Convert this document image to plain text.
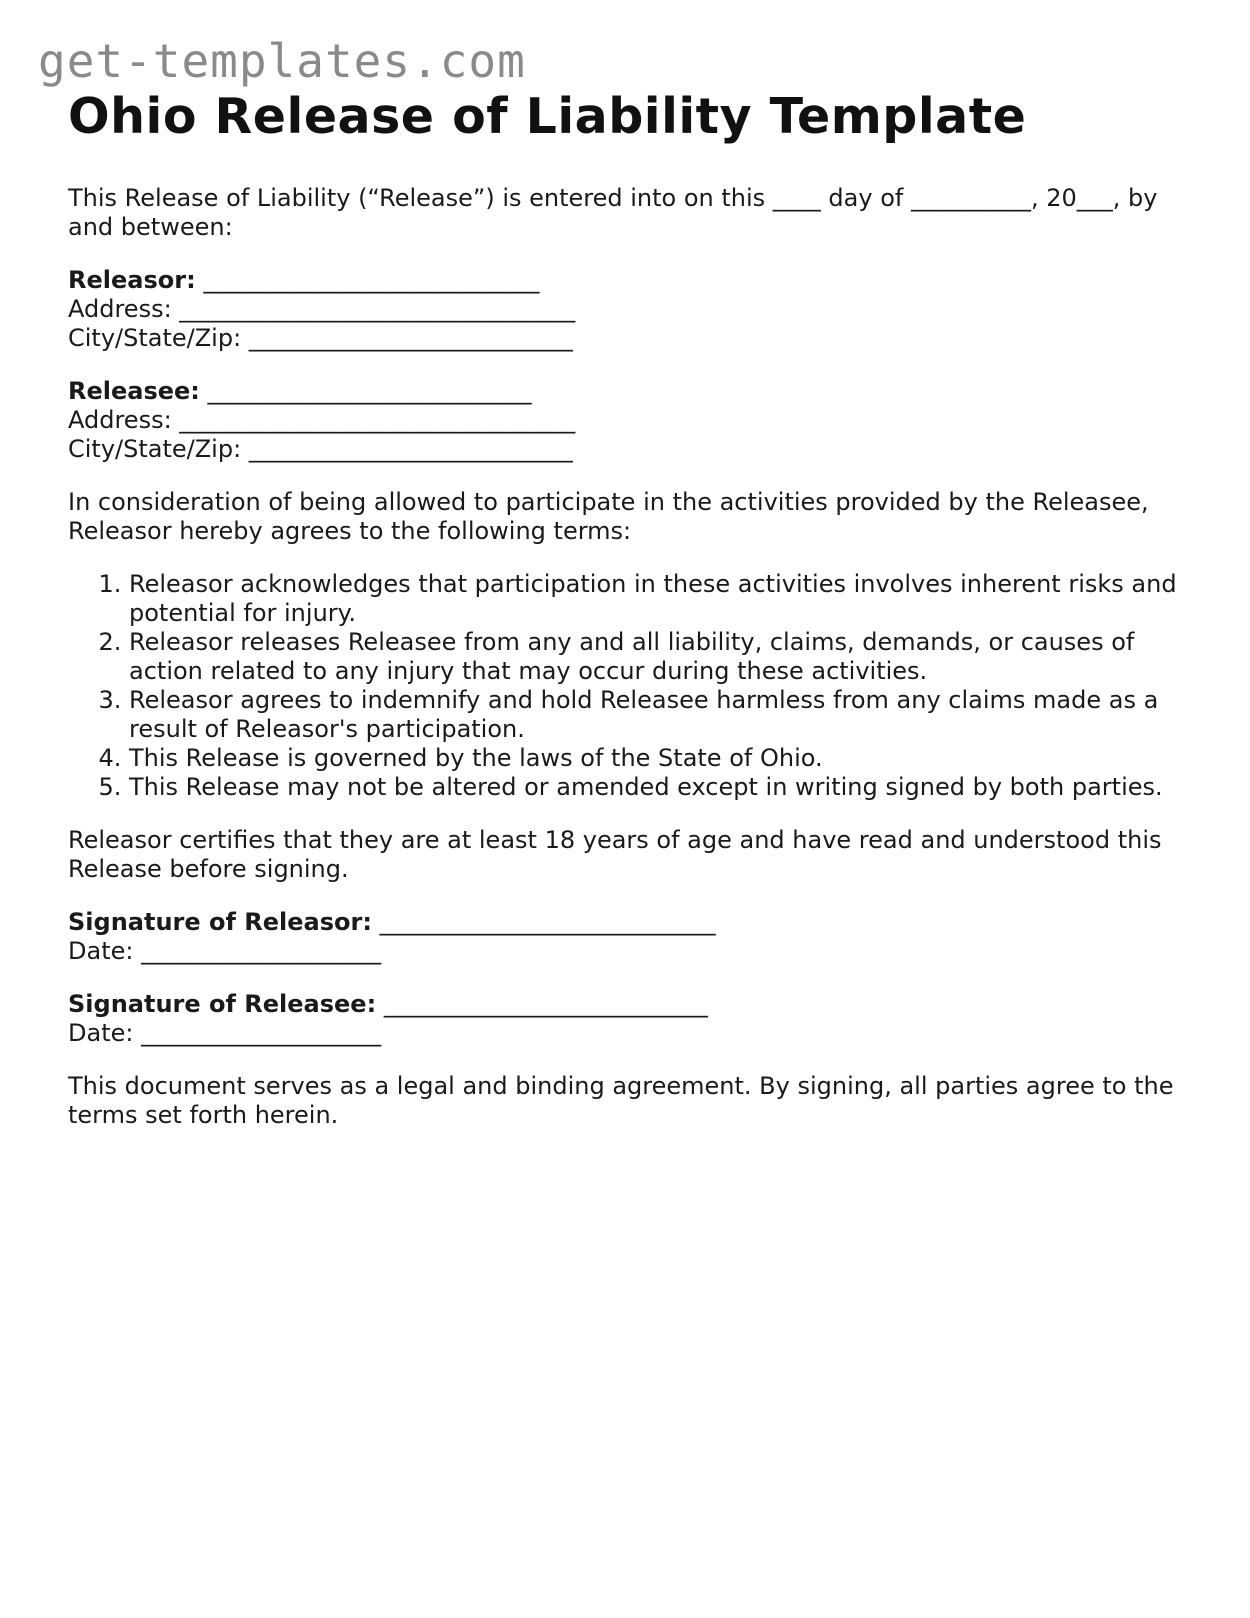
get-templates.com
Ohio Release of Liability Template

This Release of Liability (“Release”) is entered into on this ____ day of __________, 20___, by and between:

Releasor: ____________________________
Address: _________________________________
City/State/Zip: ___________________________
Releasee: ___________________________
Address: _________________________________
City/State/Zip: ___________________________

In consideration of being allowed to participate in the activities provided by the Releasee, Releasor hereby agrees to the following terms:

1. Releasor acknowledges that participation in these activities involves inherent risks and potential for injury.
2. Releasor releases Releasee from any and all liability, claims, demands, or causes of action related to any injury that may occur during these activities.
3. Releasor agrees to indemnify and hold Releasee harmless from any claims made as a result of Releasor's participation.
4. This Release is governed by the laws of the State of Ohio.
5. This Release may not be altered or amended except in writing signed by both parties.

Releasor certifies that they are at least 18 years of age and have read and understood this Release before signing.

Signature of Releasor: ____________________________
Date: ____________________
Signature of Releasee: ___________________________
Date: ____________________

This document serves as a legal and binding agreement. By signing, all parties agree to the terms set forth herein.
